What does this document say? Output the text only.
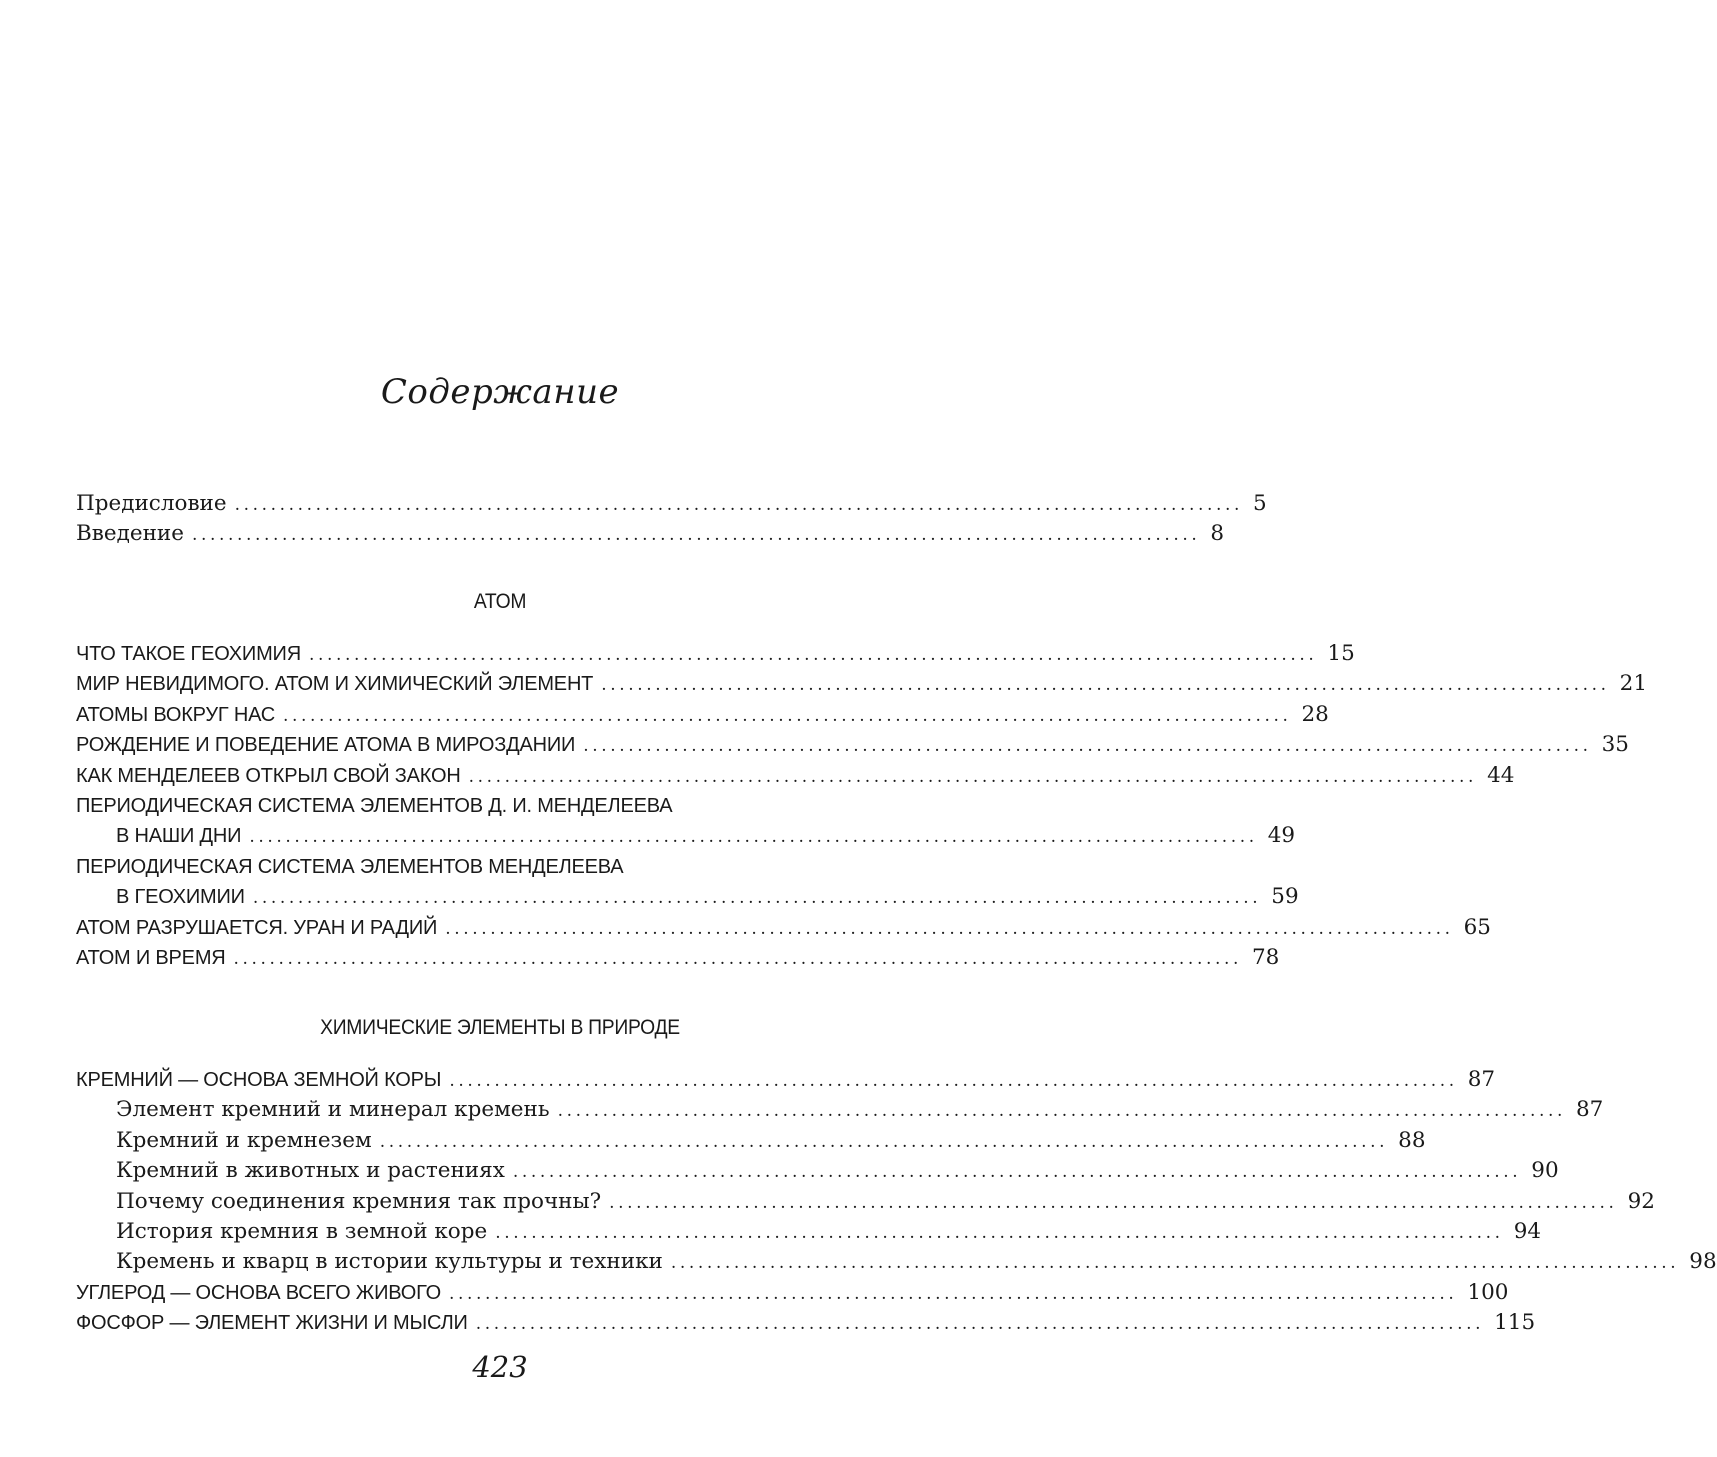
Содержание
Предисловие ................................................................................................................ 5
Введение ................................................................................................................ 8
АТОМ
ЧТО ТАКОЕ ГЕОХИМИЯ ................................................................................................................ 15
МИР НЕВИДИМОГО. АТОМ И ХИМИЧЕСКИЙ ЭЛЕМЕНТ ................................................................................................................ 21
АТОМЫ ВОКРУГ НАС ................................................................................................................ 28
РОЖДЕНИЕ И ПОВЕДЕНИЕ АТОМА В МИРОЗДАНИИ ................................................................................................................ 35
КАК МЕНДЕЛЕЕВ ОТКРЫЛ СВОЙ ЗАКОН ................................................................................................................ 44
ПЕРИОДИЧЕСКАЯ СИСТЕМА ЭЛЕМЕНТОВ Д. И. МЕНДЕЛЕЕВА
В НАШИ ДНИ ................................................................................................................ 49
ПЕРИОДИЧЕСКАЯ СИСТЕМА ЭЛЕМЕНТОВ МЕНДЕЛЕЕВА
В ГЕОХИМИИ ................................................................................................................ 59
АТОМ РАЗРУШАЕТСЯ. УРАН И РАДИЙ ................................................................................................................ 65
АТОМ И ВРЕМЯ ................................................................................................................ 78
ХИМИЧЕСКИЕ ЭЛЕМЕНТЫ В ПРИРОДЕ
КРЕМНИЙ — ОСНОВА ЗЕМНОЙ КОРЫ ................................................................................................................ 87
Элемент кремний и минерал кремень ................................................................................................................ 87
Кремний и кремнезем ................................................................................................................ 88
Кремний в животных и растениях ................................................................................................................ 90
Почему соединения кремния так прочны? ................................................................................................................ 92
История кремния в земной коре ................................................................................................................ 94
Кремень и кварц в истории культуры и техники ................................................................................................................ 98
УГЛЕРОД — ОСНОВА ВСЕГО ЖИВОГО ................................................................................................................ 100
ФОСФОР — ЭЛЕМЕНТ ЖИЗНИ И МЫСЛИ ................................................................................................................ 115
423
